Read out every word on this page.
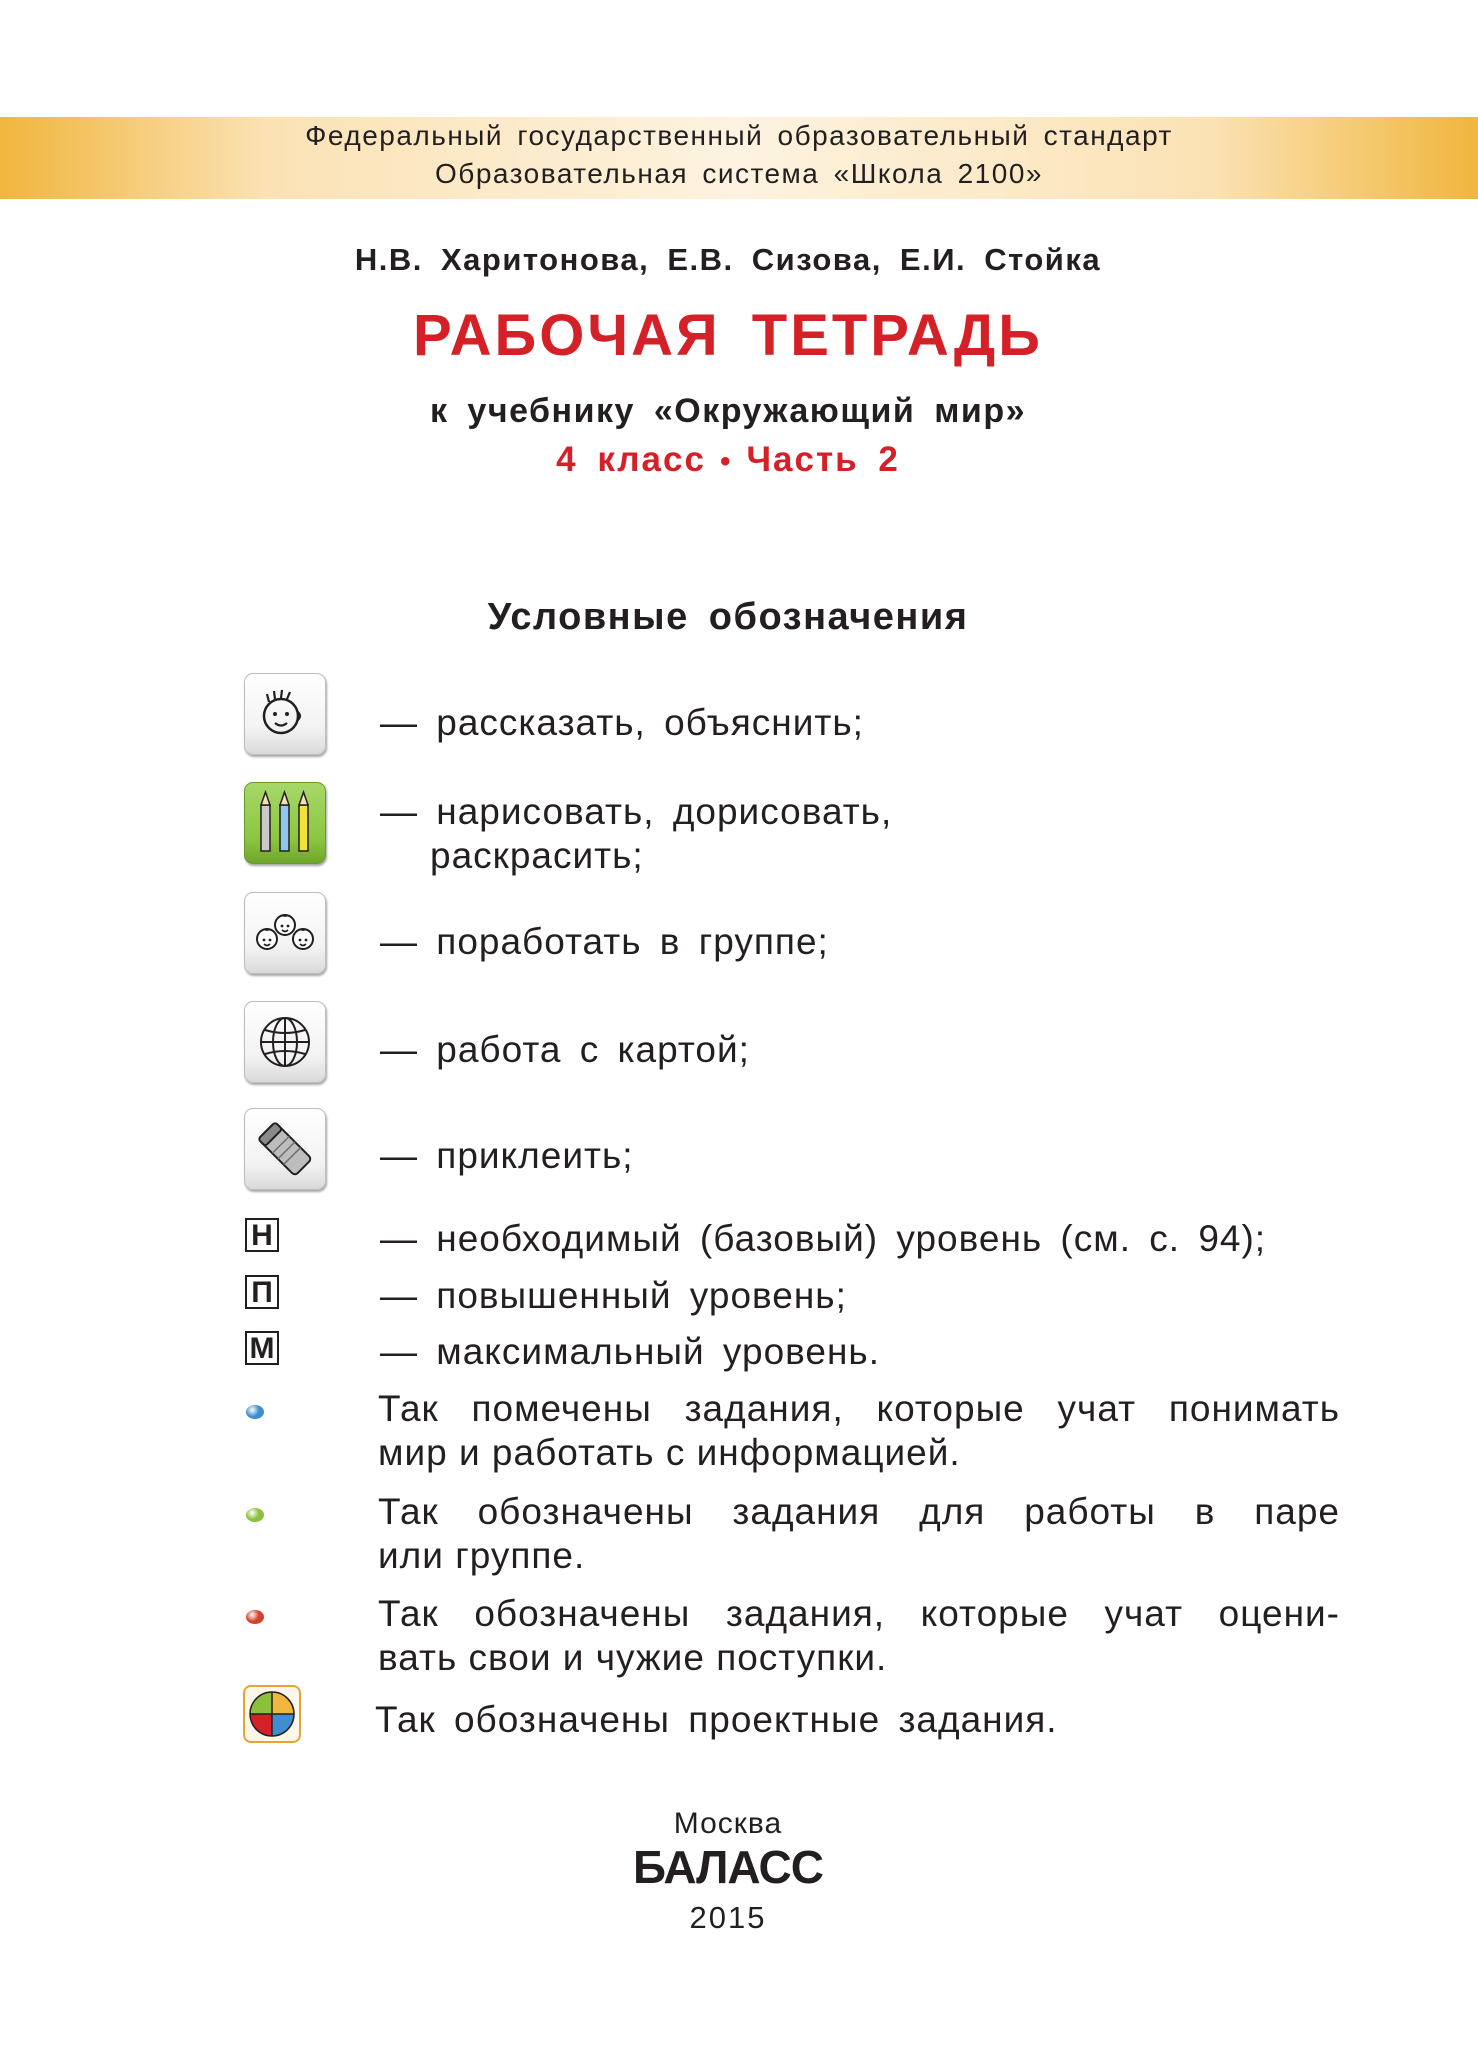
Федеральный государственный образовательный стандарт
Образовательная система «Школа 2100»
Н.В. Харитонова, Е.В. Сизова, Е.И. Стойка
РАБОЧАЯ ТЕТРАДЬ
к учебнику «Окружающий мир»
4 класс • Часть 2
Условные обозначения
— рассказать, объяснить;
— нарисовать, дорисовать,
раскрасить;
— поработать в группе;
— работа с картой;
— приклеить;
Н	— необходимый (базовый) уровень (см. с. 94);
П	— повышенный уровень;
М	— максимальный уровень.
Так помечены задания, которые учат понимать
мир и работать с информацией.
Так обозначены задания для работы в паре
или группе.
Так обозначены задания, которые учат оцени-
вать свои и чужие поступки.
Так обозначены проектные задания.
Москва
БАЛАСС
2015
